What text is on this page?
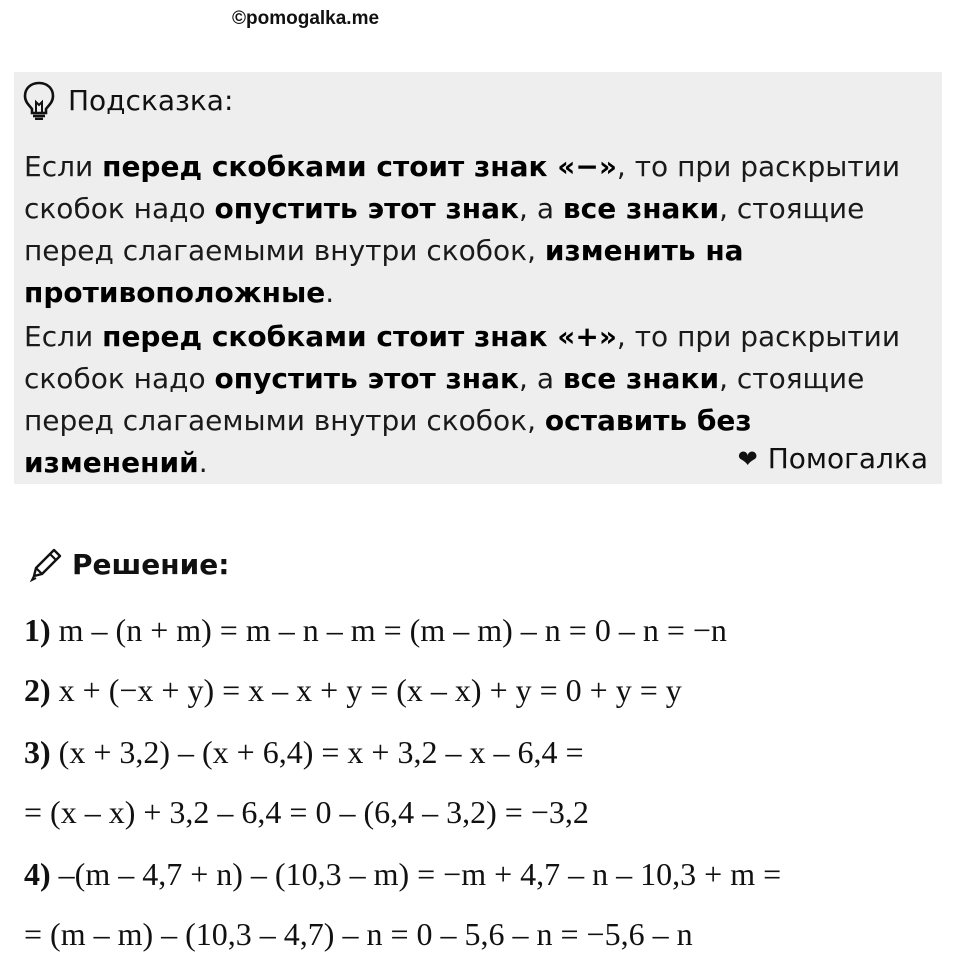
©pomogalka.me
Подсказка:
Если перед скобками стоит знак «−», то при раскрытии скобок надо опустить этот знак, а все знаки, стоящие перед слагаемыми внутри скобок, изменить на противоположные.
Если перед скобками стоит знак «+», то при раскрытии скобок надо опустить этот знак, а все знаки, стоящие перед слагаемыми внутри скобок, оставить без изменений.	❤ Помогалка
Решение:
1) m – (n + m) = m – n – m = (m – m) – n = 0 – n = −n
2) x + (−x + y) = x – x + y = (x – x) + y = 0 + y = y
3) (x + 3,2) – (x + 6,4) = x + 3,2 – x – 6,4 =
= (x – x) + 3,2 – 6,4 = 0 – (6,4 – 3,2) = −3,2
4) –(m – 4,7 + n) – (10,3 – m) = −m + 4,7 – n – 10,3 + m =
= (m – m) – (10,3 – 4,7) – n = 0 – 5,6 – n = −5,6 – n
